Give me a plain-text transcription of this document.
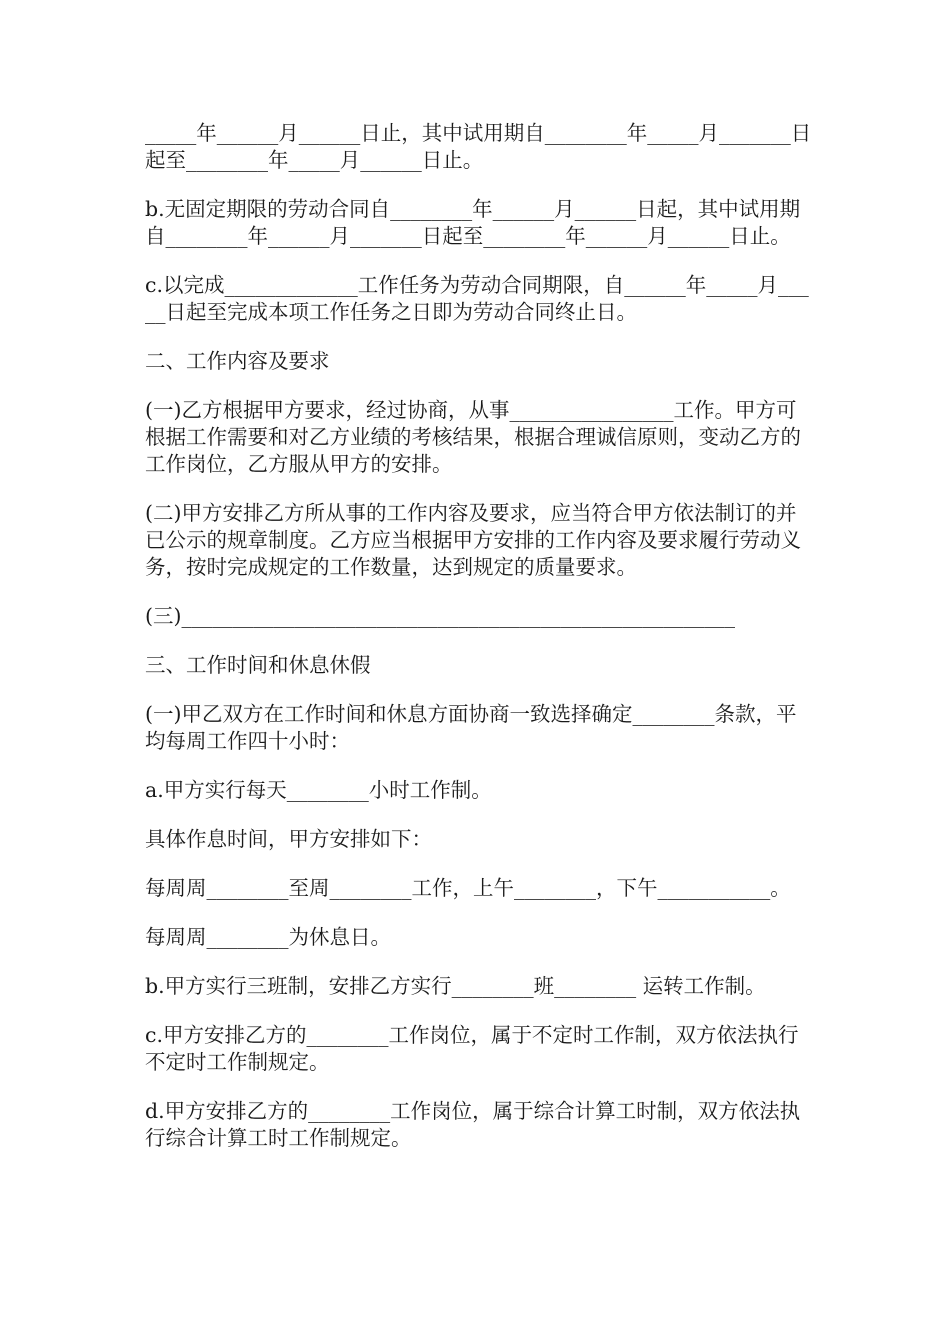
_____年______月______日止，其中试用期自________年_____月_______日起至________年_____月______日止。

b.无固定期限的劳动合同自________年______月______日起，其中试用期自________年______月_______日起至________年______月______日止。

c.以完成_____________工作任务为劳动合同期限，自______年_____月_____日起至完成本项工作任务之日即为劳动合同终止日。

二、工作内容及要求

(一)乙方根据甲方要求，经过协商，从事________________工作。甲方可根据工作需要和对乙方业绩的考核结果，根据合理诚信原则，变动乙方的工作岗位，乙方服从甲方的安排。

(二)甲方安排乙方所从事的工作内容及要求，应当符合甲方依法制订的并已公示的规章制度。乙方应当根据甲方安排的工作内容及要求履行劳动义务，按时完成规定的工作数量，达到规定的质量要求。

(三)______________________________________________________

三、工作时间和休息休假

(一)甲乙双方在工作时间和休息方面协商一致选择确定________条款，平均每周工作四十小时：

a.甲方实行每天________小时工作制。

具体作息时间，甲方安排如下：

每周周________至周________工作，上午________，下午___________。

每周周________为休息日。

b.甲方实行三班制，安排乙方实行________班________ 运转工作制。

c.甲方安排乙方的________工作岗位，属于不定时工作制，双方依法执行不定时工作制规定。

d.甲方安排乙方的________工作岗位，属于综合计算工时制，双方依法执行综合计算工时工作制规定。
